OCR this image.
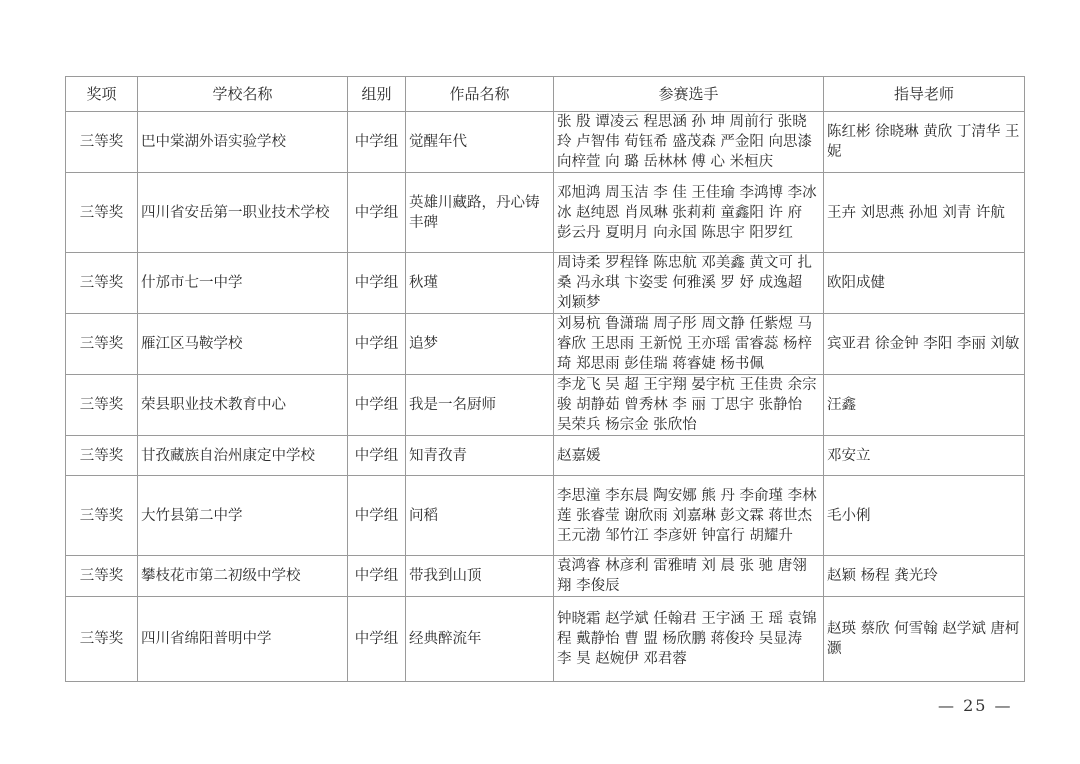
奖项	学校名称	组别	作品名称	参赛选手	指导老师
三等奖	巴中棠湖外语实验学校	中学组	觉醒年代	张 殷 谭凌云 程思涵 孙 坤 周前行 张晓玲 卢智伟 荀钰希 盛茂森 严金阳 向思漆 向梓萱 向 璐 岳林林 傅 心 米桓庆	陈红彬 徐晓琳 黄欣 丁清华 王妮

三等奖	四川省安岳第一职业技术学校	中学组	英雄川藏路，丹心铸丰碑	邓旭鸿 周玉洁 李 佳 王佳瑜 李鸿博 李冰冰 赵纯恩 肖凤琳 张莉莉 童鑫阳 许 府 彭云丹 夏明月 向永国 陈思宇 阳罗红	王卉 刘思燕 孙旭 刘青 许航

三等奖	什邡市七一中学	中学组	秋瑾	周诗柔 罗程锋 陈忠航 邓美鑫 黄文可 扎桑 冯永琪 卞姿雯 何雅溪 罗 妤 成逸超 刘颖梦	欧阳成健

三等奖	雁江区马鞍学校	中学组	追梦	刘易杭 鲁潇瑞 周子彤 周文静 任紫煜 马睿欣 王思雨 王新悦 王亦瑶 雷睿蕊 杨梓琦 郑思雨 彭佳瑞 蒋睿婕 杨书佩	宾亚君 徐金钟 李阳 李丽 刘敏

三等奖	荣县职业技术教育中心	中学组	我是一名厨师	李龙飞 吴 超 王宇翔 晏宇杭 王佳贵 余宗骏 胡静茹 曾秀林 李 丽 丁思宇 张静怡 吴荣兵 杨宗金 张欣怡	汪鑫

三等奖	甘孜藏族自治州康定中学校	中学组	知青孜青	赵嘉媛	邓安立

三等奖	大竹县第二中学	中学组	问稻	李思潼 李东晨 陶安娜 熊 丹 李俞瑾 李林莲 张睿莹 谢欣雨 刘嘉琳 彭文霖 蒋世杰 王元渤 邹竹江 李彦妍 钟富行 胡耀升	毛小俐

三等奖	攀枝花市第二初级中学校	中学组	带我到山顶	袁鸿睿 林彦利 雷雅晴 刘 晨 张 驰 唐翎翔 李俊辰	赵颖 杨程 龚光玲

三等奖	四川省绵阳普明中学	中学组	经典醉流年	钟晓霜 赵学斌 任翰君 王宇涵 王 瑶 袁锦程 戴静怡 曹 盟 杨欣鹏 蒋俊玲 吴显涛 李 昊 赵婉伊 邓君蓉	赵瑛 蔡欣 何雪翰 赵学斌 唐柯灏
— 25 —
